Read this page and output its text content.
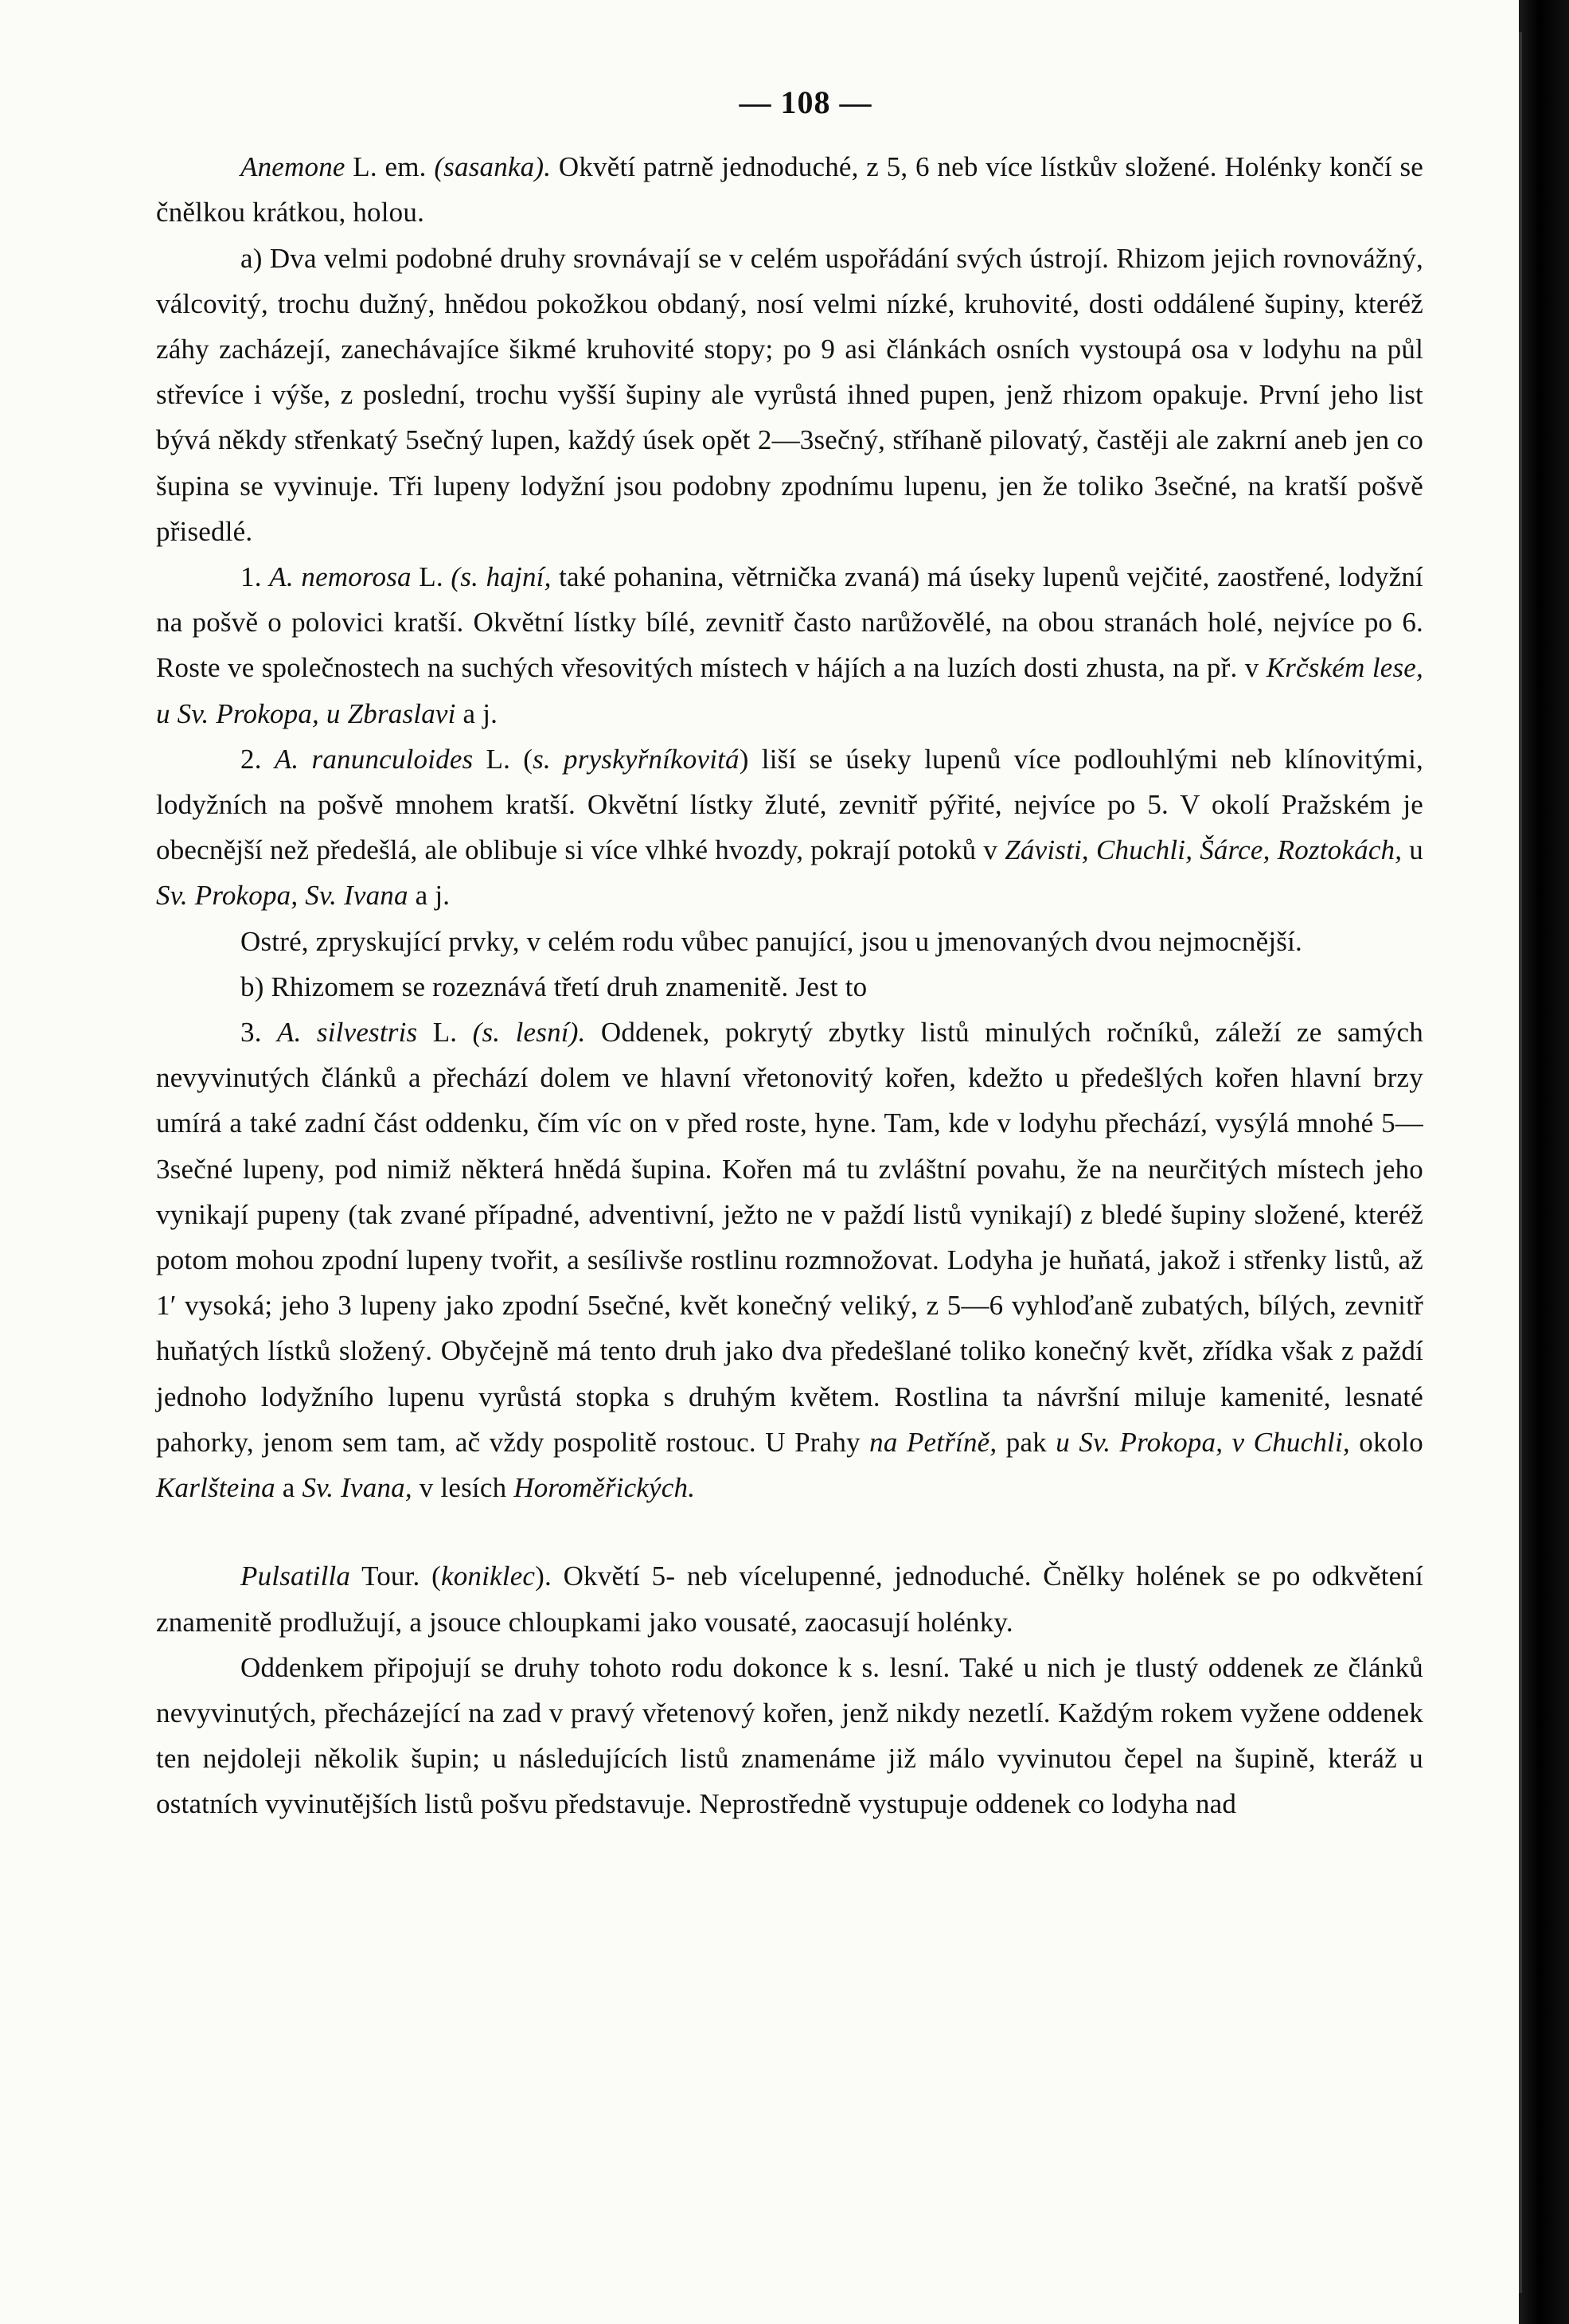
— 108 —

Anemone L. em. (sasanka). Okvětí patrně jednoduché, z 5, 6 neb více lístkův složené. Holénky končí se čnělkou krátkou, holou.

a) Dva velmi podobné druhy srovnávají se v celém uspořádání svých ústrojí. Rhizom jejich rovnovážný, válcovitý, trochu dužný, hnědou pokožkou obdaný, nosí velmi nízké, kruhovité, dosti oddálené šupiny, kteréž záhy zacházejí, zanechávajíce šikmé kruhovité stopy; po 9 asi článkách osních vystoupá osa v lodyhu na půl střevíce i výše, z poslední, trochu vyšší šupiny ale vyrůstá ihned pupen, jenž rhizom opakuje. První jeho list bývá někdy střenkatý 5sečný lupen, každý úsek opět 2—3sečný, stříhaně pilovatý, častěji ale zakrní aneb jen co šupina se vyvinuje. Tři lupeny lodyžní jsou podobny zpodnímu lupenu, jen že toliko 3sečné, na kratší pošvě přisedlé.

1. A. nemorosa L. (s. hajní, také pohanina, větrnička zvaná) má úseky lupenů vejčité, zaostřené, lodyžní na pošvě o polovici kratší. Okvětní lístky bílé, zevnitř často narůžovělé, na obou stranách holé, nejvíce po 6. Roste ve společnostech na suchých vřesovitých místech v hájích a na luzích dosti zhusta, na př. v Krčském lese, u Sv. Prokopa, u Zbraslavi a j.

2. A. ranunculoides L. (s. pryskyřníkovitá) liší se úseky lupenů více podlouhlými neb klínovitými, lodyžních na pošvě mnohem kratší. Okvětní lístky žluté, zevnitř pýřité, nejvíce po 5. V okolí Pražském je obecnější než předešlá, ale oblibuje si více vlhké hvozdy, pokrají potoků v Závisti, Chuchli, Šárce, Roztokách, u Sv. Prokopa, Sv. Ivana a j.

Ostré, zpryskující prvky, v celém rodu vůbec panující, jsou u jmenovaných dvou nejmocnější.

b) Rhizomem se rozeznává třetí druh znamenitě. Jest to

3. A. silvestris L. (s. lesní). Oddenek, pokrytý zbytky listů minulých ročníků, záleží ze samých nevyvinutých článků a přechází dolem ve hlavní vřetonovitý kořen, kdežto u předešlých kořen hlavní brzy umírá a také zadní část oddenku, čím víc on v před roste, hyne. Tam, kde v lodyhu přechází, vysýlá mnohé 5—3sečné lupeny, pod nimiž některá hnědá šupina. Kořen má tu zvláštní povahu, že na neurčitých místech jeho vynikají pupeny (tak zvané případné, adventivní, ježto ne v paždí listů vynikají) z bledé šupiny složené, kteréž potom mohou zpodní lupeny tvořit, a sesílivše rostlinu rozmnožovat. Lodyha je huňatá, jakož i střenky listů, až 1′ vysoká; jeho 3 lupeny jako zpodní 5sečné, květ konečný veliký, z 5—6 vyhloďaně zubatých, bílých, zevnitř huňatých lístků složený. Obyčejně má tento druh jako dva předešlané toliko konečný květ, zřídka však z paždí jednoho lodyžního lupenu vyrůstá stopka s druhým květem. Rostlina ta návršní miluje kamenité, lesnaté pahorky, jenom sem tam, ač vždy pospolitě rostouc. U Prahy na Petříně, pak u Sv. Prokopa, v Chuchli, okolo Karlšteina a Sv. Ivana, v lesích Horoměřických.

Pulsatilla Tour. (koniklec). Okvětí 5- neb vícelupenné, jednoduché. Čnělky holének se po odkvětení znamenitě prodlužují, a jsouce chloupkami jako vousaté, zaocasují holénky.

Oddenkem připojují se druhy tohoto rodu dokonce k s. lesní. Také u nich je tlustý oddenek ze článků nevyvinutých, přecházející na zad v pravý vřetenový kořen, jenž nikdy nezetlí. Každým rokem vyžene oddenek ten nejdoleji několik šupin; u následujících listů znamenáme již málo vyvinutou čepel na šupině, kteráž u ostatních vyvinutějších listů pošvu představuje. Neprostředně vystupuje oddenek co lodyha nad
